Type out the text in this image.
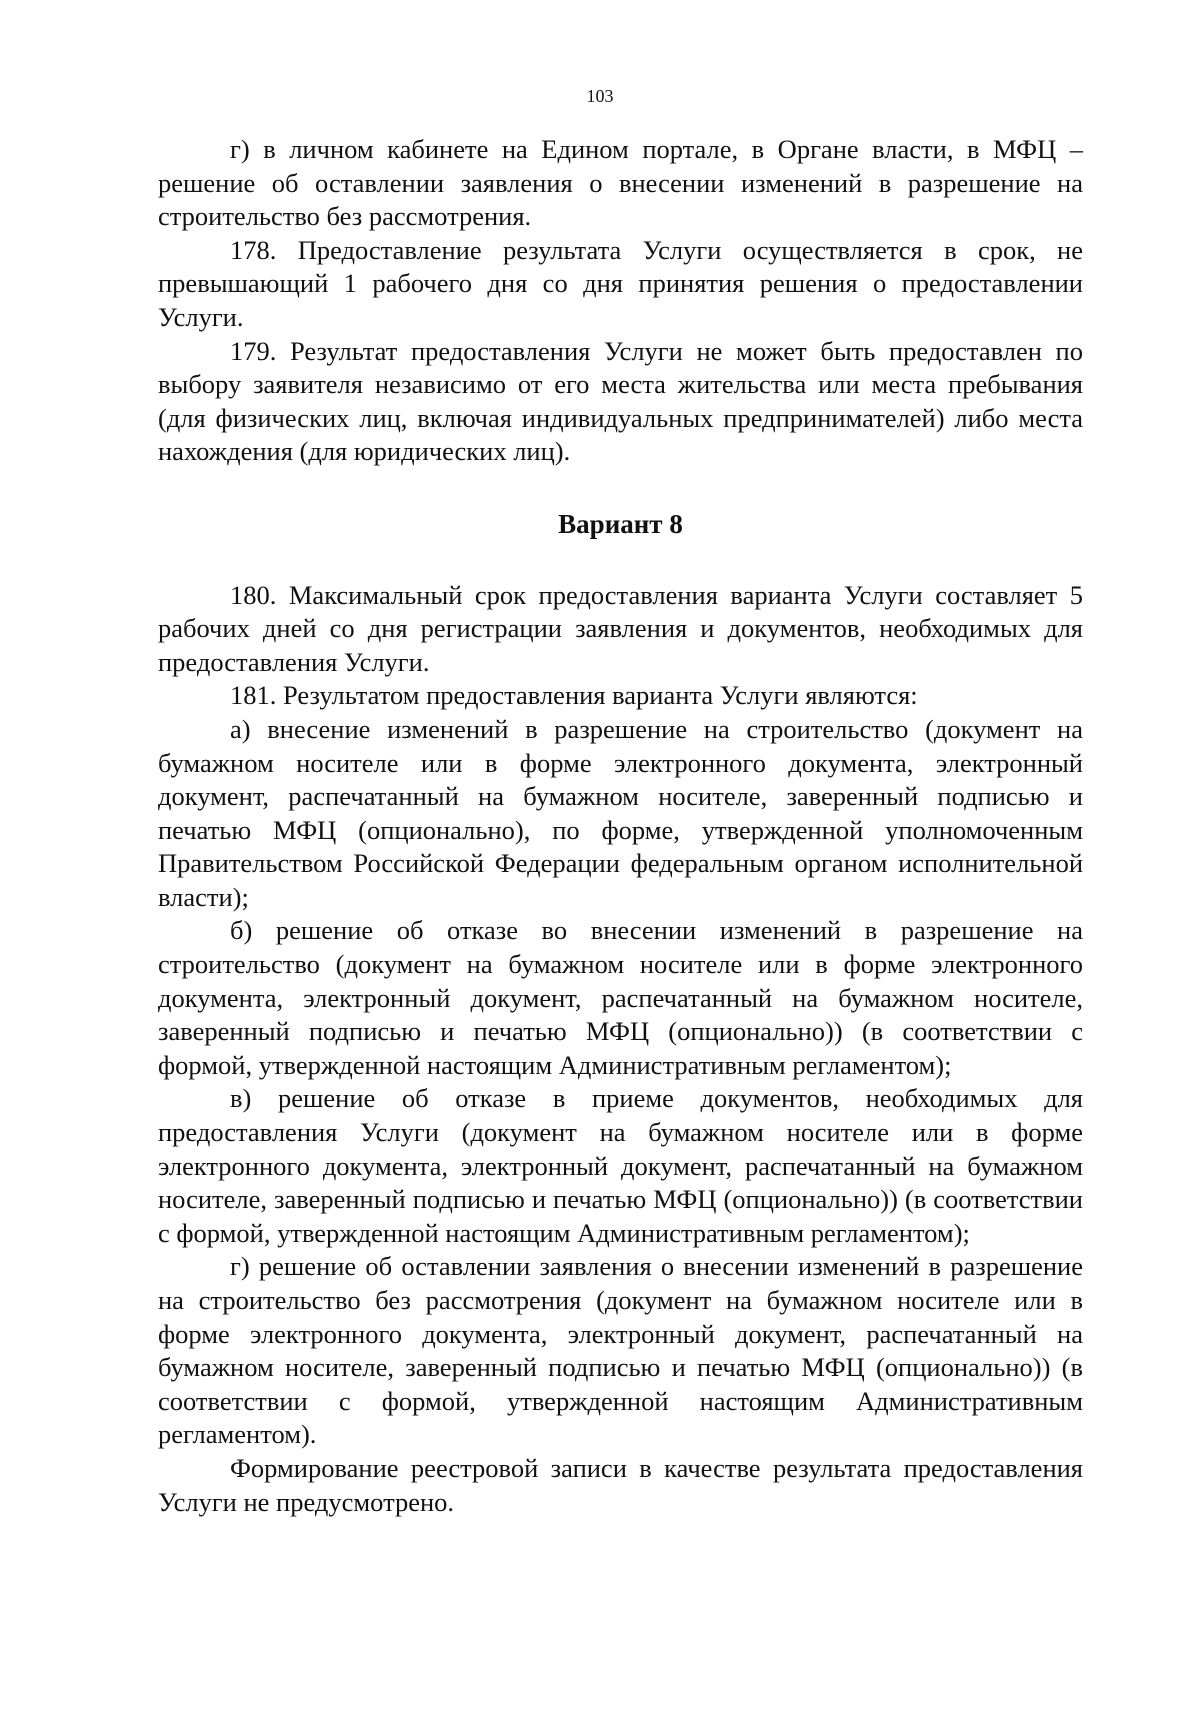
103

г) в личном кабинете на Едином портале, в Органе власти, в МФЦ – решение об оставлении заявления о внесении изменений в разрешение на строительство без рассмотрения.

178. Предоставление результата Услуги осуществляется в срок, не превышающий 1 рабочего дня со дня принятия решения о предоставлении Услуги.

179. Результат предоставления Услуги не может быть предоставлен по выбору заявителя независимо от его места жительства или места пребывания (для физических лиц, включая индивидуальных предпринимателей) либо места нахождения (для юридических лиц).

Вариант 8

180. Максимальный срок предоставления варианта Услуги составляет 5 рабочих дней со дня регистрации заявления и документов, необходимых для предоставления Услуги.

181. Результатом предоставления варианта Услуги являются:

а) внесение изменений в разрешение на строительство (документ на бумажном носителе или в форме электронного документа, электронный документ, распечатанный на бумажном носителе, заверенный подписью и печатью МФЦ (опционально), по форме, утвержденной уполномоченным Правительством Российской Федерации федеральным органом исполнительной власти);

б) решение об отказе во внесении изменений в разрешение на строительство (документ на бумажном носителе или в форме электронного документа, электронный документ, распечатанный на бумажном носителе, заверенный подписью и печатью МФЦ (опционально)) (в соответствии с формой, утвержденной настоящим Административным регламентом);

в) решение об отказе в приеме документов, необходимых для предоставления Услуги (документ на бумажном носителе или в форме электронного документа, электронный документ, распечатанный на бумажном носителе, заверенный подписью и печатью МФЦ (опционально)) (в соответствии с формой, утвержденной настоящим Административным регламентом);

г) решение об оставлении заявления о внесении изменений в разрешение на строительство без рассмотрения (документ на бумажном носителе или в форме электронного документа, электронный документ, распечатанный на бумажном носителе, заверенный подписью и печатью МФЦ (опционально)) (в соответствии с формой, утвержденной настоящим Административным регламентом).

Формирование реестровой записи в качестве результата предоставления Услуги не предусмотрено.
